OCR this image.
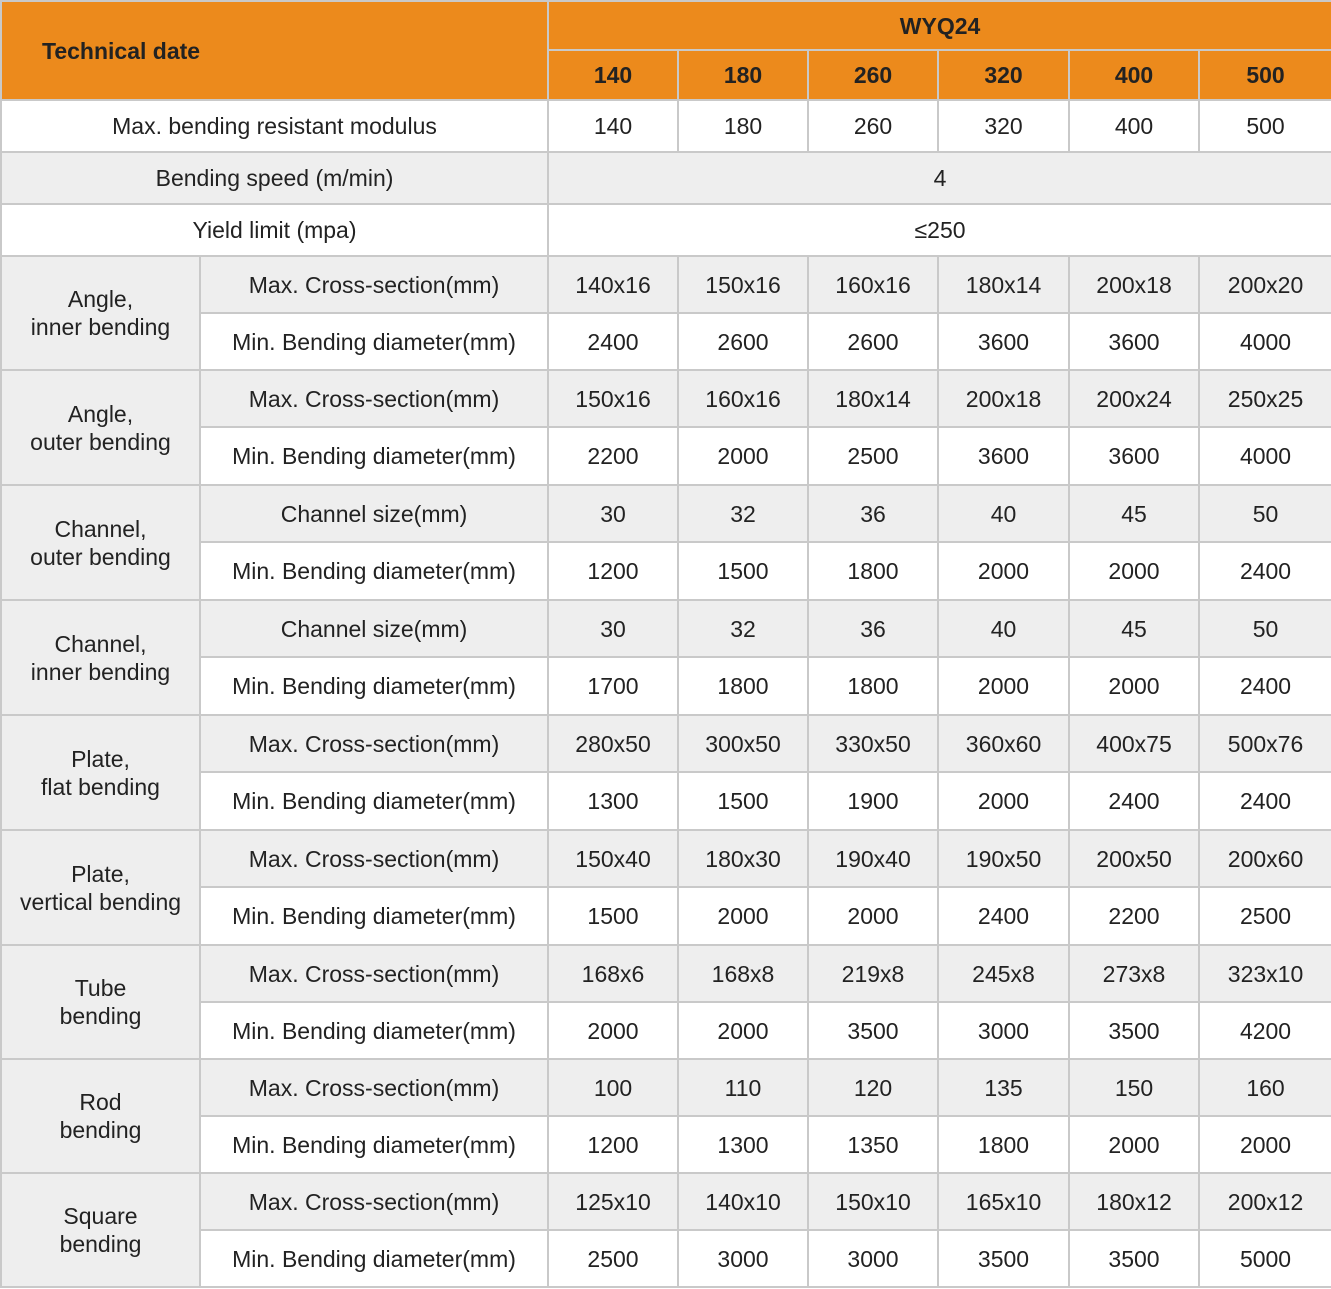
Technical date		WYQ24					
		140	180	260	320	400	500
Max. bending resistant modulus		140	180	260	320	400	500
Bending speed (m/min)		4					
Yield limit (mpa)		≤250					

Angle,
inner bending	Max. Cross-section(mm)	140x16	150x16	160x16	180x14	200x18	200x20
	Min. Bending diameter(mm)	2400	2600	2600	3600	3600	4000

Angle,
outer bending	Max. Cross-section(mm)	150x16	160x16	180x14	200x18	200x24	250x25
	Min. Bending diameter(mm)	2200	2000	2500	3600	3600	4000

Channel,
outer bending	Channel size(mm)	30	32	36	40	45	50
	Min. Bending diameter(mm)	1200	1500	1800	2000	2000	2400

Channel,
inner bending	Channel size(mm)	30	32	36	40	45	50
	Min. Bending diameter(mm)	1700	1800	1800	2000	2000	2400

Plate,
flat bending	Max. Cross-section(mm)	280x50	300x50	330x50	360x60	400x75	500x76
	Min. Bending diameter(mm)	1300	1500	1900	2000	2400	2400

Plate,
vertical bending	Max. Cross-section(mm)	150x40	180x30	190x40	190x50	200x50	200x60
	Min. Bending diameter(mm)	1500	2000	2000	2400	2200	2500

Tube
bending	Max. Cross-section(mm)	168x6	168x8	219x8	245x8	273x8	323x10
	Min. Bending diameter(mm)	2000	2000	3500	3000	3500	4200

Rod
bending	Max. Cross-section(mm)	100	110	120	135	150	160
	Min. Bending diameter(mm)	1200	1300	1350	1800	2000	2000

Square
bending	Max. Cross-section(mm)	125x10	140x10	150x10	165x10	180x12	200x12
	Min. Bending diameter(mm)	2500	3000	3000	3500	3500	5000
